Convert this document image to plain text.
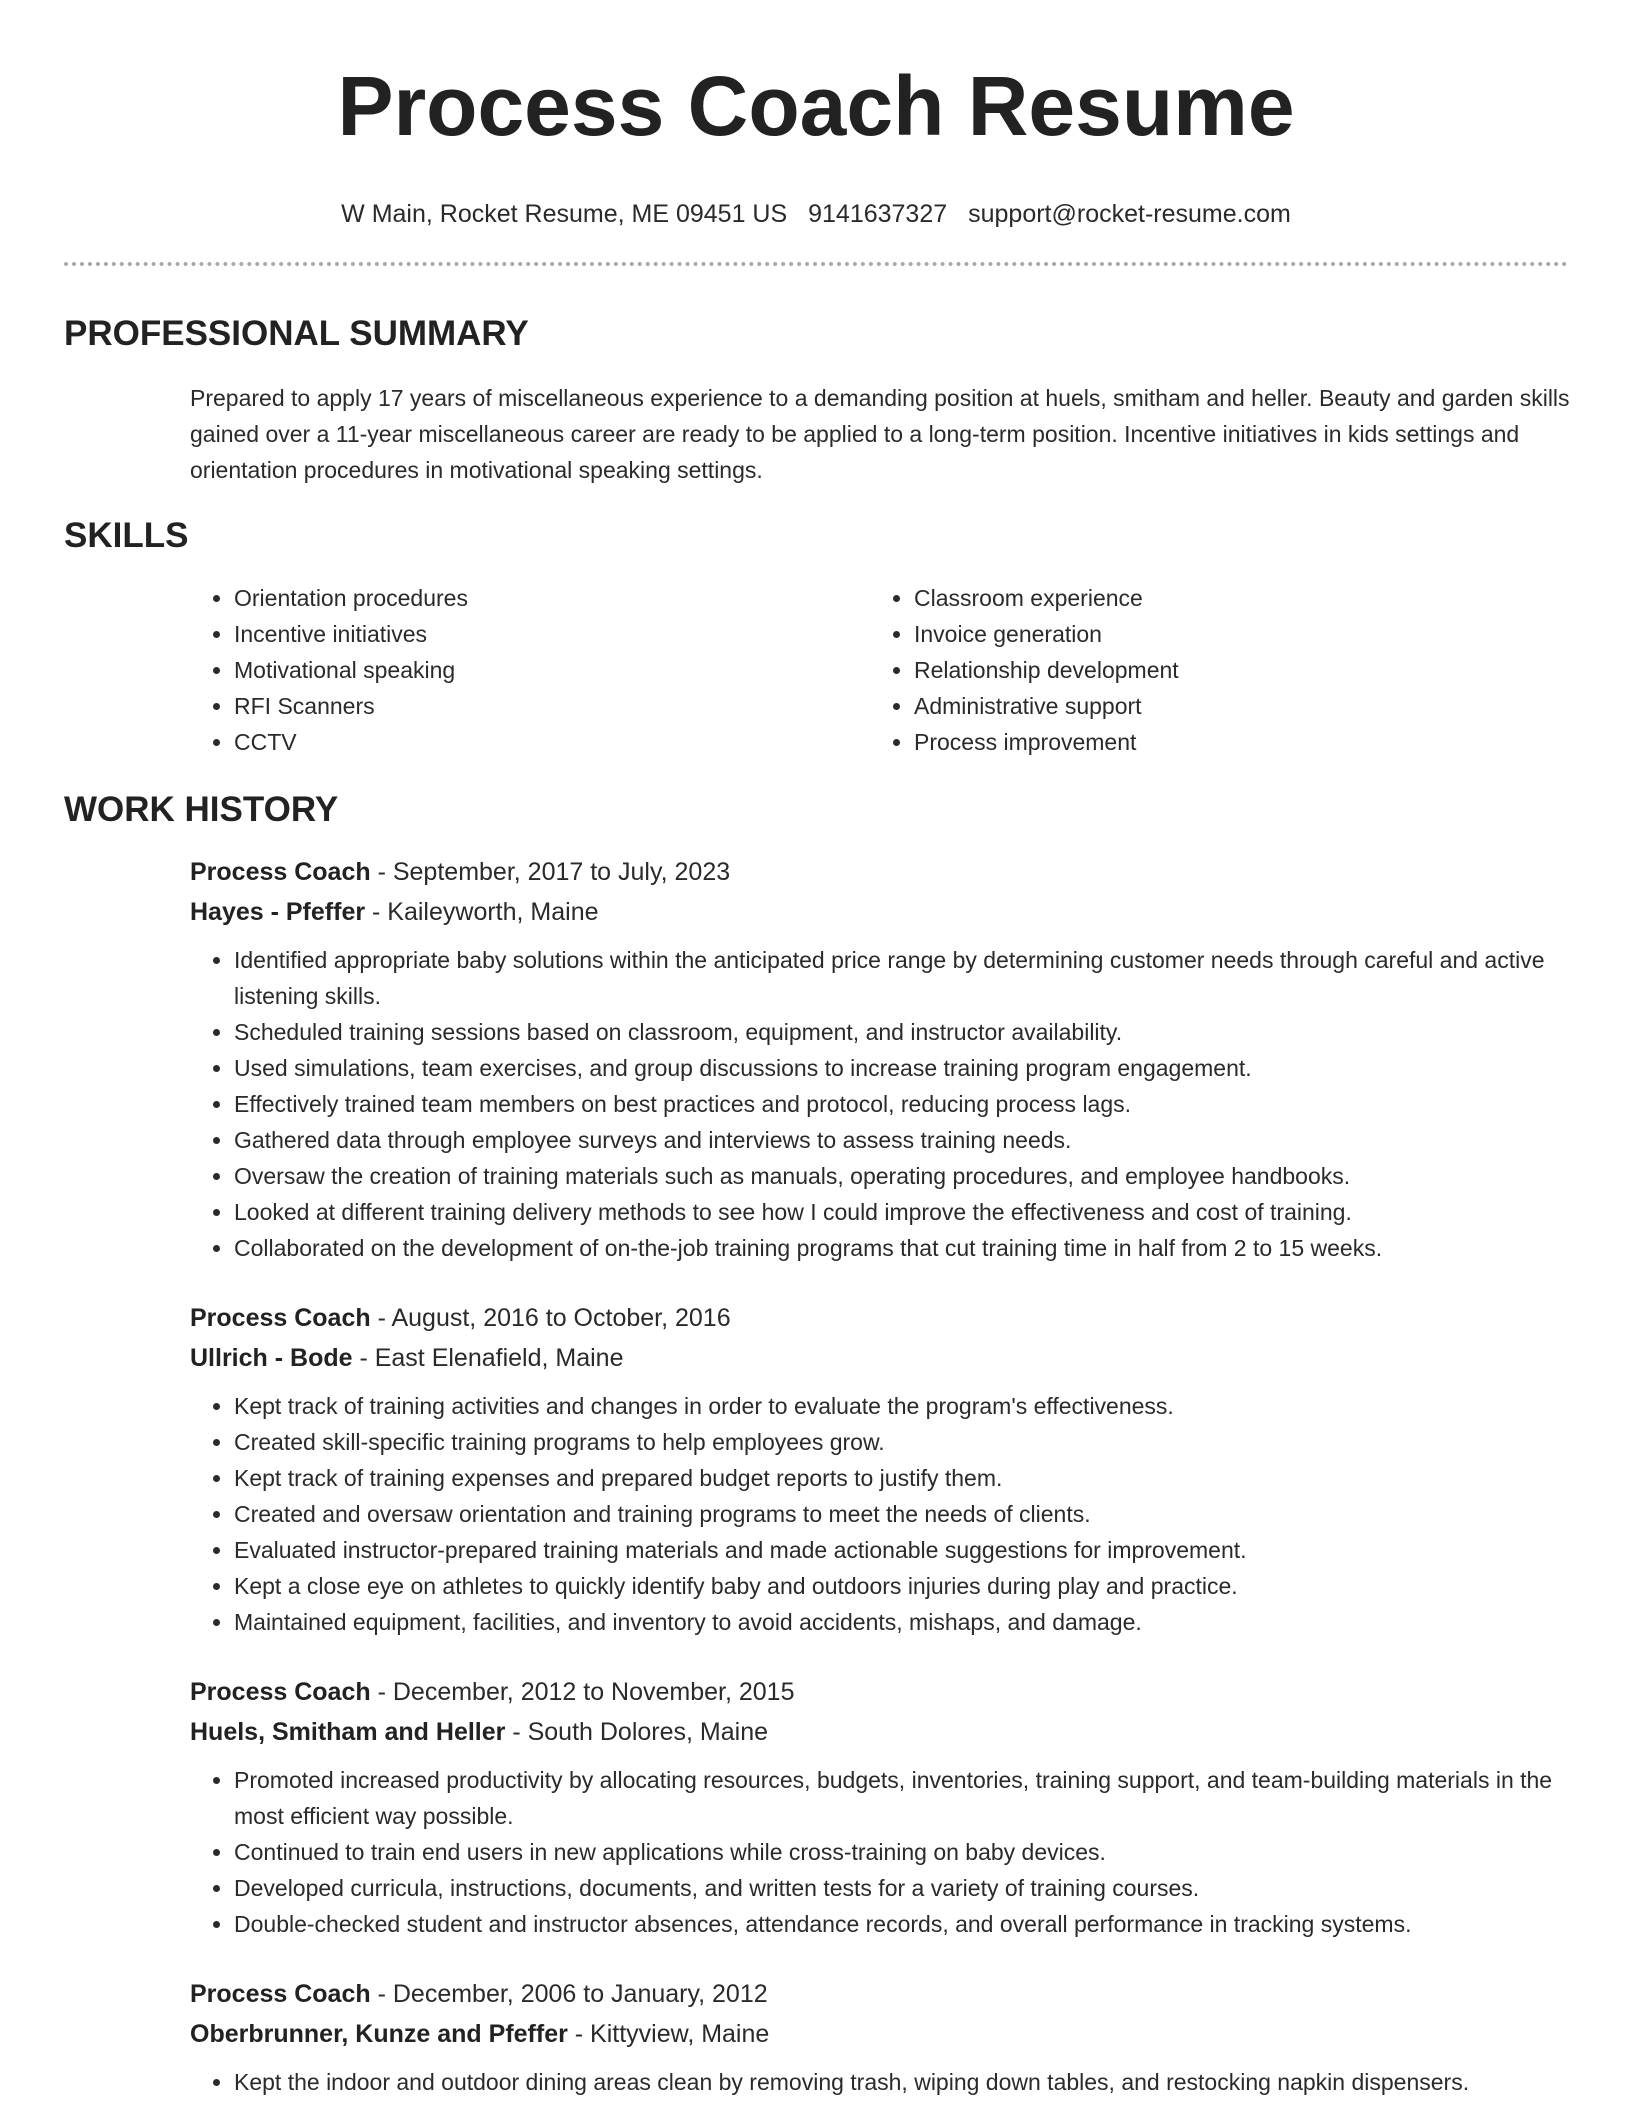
Process Coach Resume
W Main, Rocket Resume, ME 09451 US 9141637327 support@rocket-resume.com
PROFESSIONAL SUMMARY
Prepared to apply 17 years of miscellaneous experience to a demanding position at huels, smitham and heller. Beauty and garden skills gained over a 11-year miscellaneous career are ready to be applied to a long-term position. Incentive initiatives in kids settings and orientation procedures in motivational speaking settings.
SKILLS
• Orientation procedures
• Incentive initiatives
• Motivational speaking
• RFI Scanners
• CCTV
• Classroom experience
• Invoice generation
• Relationship development
• Administrative support
• Process improvement
WORK HISTORY
Process Coach - September, 2017 to July, 2023
Hayes - Pfeffer - Kaileyworth, Maine
• Identified appropriate baby solutions within the anticipated price range by determining customer needs through careful and active listening skills.
• Scheduled training sessions based on classroom, equipment, and instructor availability.
• Used simulations, team exercises, and group discussions to increase training program engagement.
• Effectively trained team members on best practices and protocol, reducing process lags.
• Gathered data through employee surveys and interviews to assess training needs.
• Oversaw the creation of training materials such as manuals, operating procedures, and employee handbooks.
• Looked at different training delivery methods to see how I could improve the effectiveness and cost of training.
• Collaborated on the development of on-the-job training programs that cut training time in half from 2 to 15 weeks.
Process Coach - August, 2016 to October, 2016
Ullrich - Bode - East Elenafield, Maine
• Kept track of training activities and changes in order to evaluate the program's effectiveness.
• Created skill-specific training programs to help employees grow.
• Kept track of training expenses and prepared budget reports to justify them.
• Created and oversaw orientation and training programs to meet the needs of clients.
• Evaluated instructor-prepared training materials and made actionable suggestions for improvement.
• Kept a close eye on athletes to quickly identify baby and outdoors injuries during play and practice.
• Maintained equipment, facilities, and inventory to avoid accidents, mishaps, and damage.
Process Coach - December, 2012 to November, 2015
Huels, Smitham and Heller - South Dolores, Maine
• Promoted increased productivity by allocating resources, budgets, inventories, training support, and team-building materials in the most efficient way possible.
• Continued to train end users in new applications while cross-training on baby devices.
• Developed curricula, instructions, documents, and written tests for a variety of training courses.
• Double-checked student and instructor absences, attendance records, and overall performance in tracking systems.
Process Coach - December, 2006 to January, 2012
Oberbrunner, Kunze and Pfeffer - Kittyview, Maine
• Kept the indoor and outdoor dining areas clean by removing trash, wiping down tables, and restocking napkin dispensers.
